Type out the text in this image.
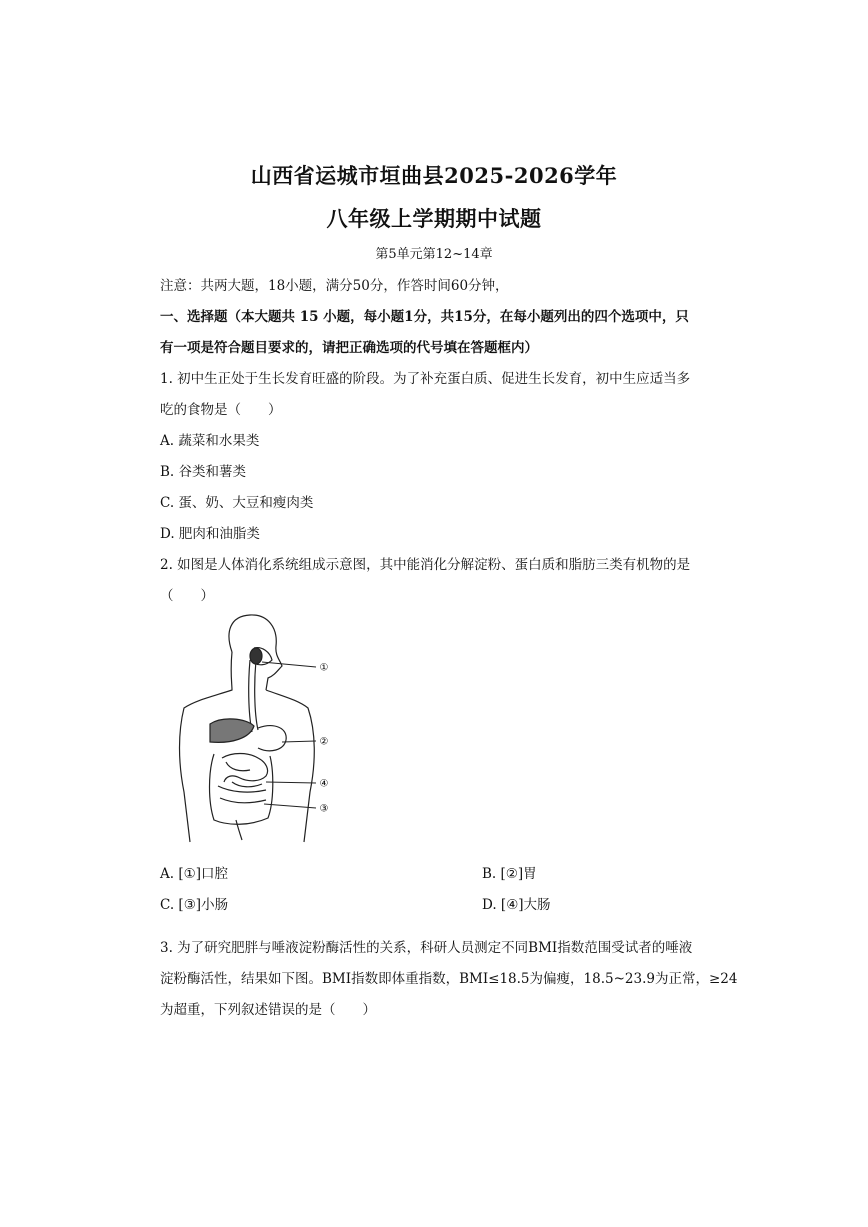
山西省运城市垣曲县2025-2026学年
八年级上学期期中试题
第5单元第12~14章
注意：共两大题，18小题，满分50分，作答时间60分钟，
一、选择题（本大题共 15 小题，每小题1分，共15分，在每小题列出的四个选项中，只
有一项是符合题目要求的，请把正确选项的代号填在答题框内）
1. 初中生正处于生长发育旺盛的阶段。为了补充蛋白质、促进生长发育，初中生应适当多
吃的食物是（　　）
A. 蔬菜和水果类
B. 谷类和薯类
C. 蛋、奶、大豆和瘦肉类
D. 肥肉和油脂类
2. 如图是人体消化系统组成示意图，其中能消化分解淀粉、蛋白质和脂肪三类有机物的是
（　　）
①
②
④
③
A. [①]口腔	B. [②]胃
C. [③]小肠	D. [④]大肠
3. 为了研究肥胖与唾液淀粉酶活性的关系，科研人员测定不同BMI指数范围受试者的唾液
淀粉酶活性，结果如下图。BMI指数即体重指数，BMI≤18.5为偏瘦，18.5~23.9为正常，≥24
为超重，下列叙述错误的是（　　）
